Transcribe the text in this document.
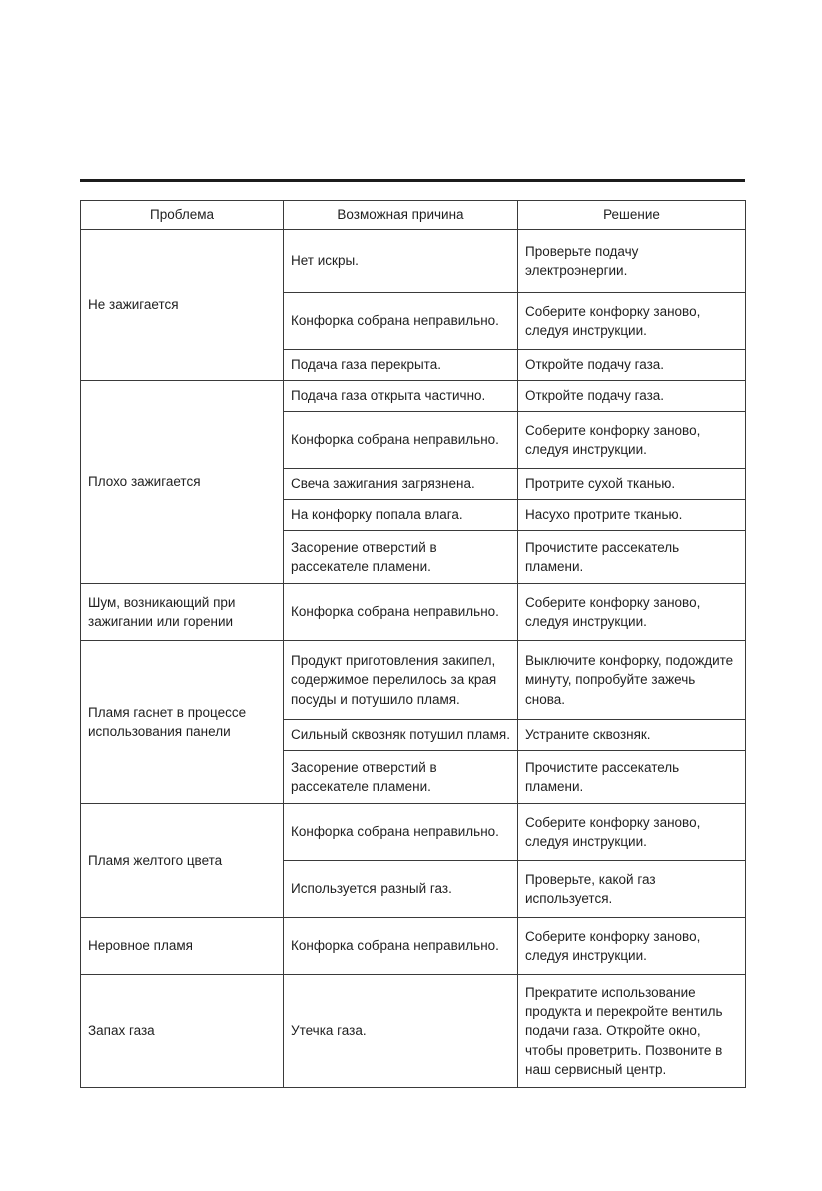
Проблема	Возможная причина	Решение
Не зажигается	Нет искры.	Проверьте подачу электроэнергии.
	Конфорка собрана неправильно.	Соберите конфорку заново, следуя инструкции.
	Подача газа перекрыта.	Откройте подачу газа.
Плохо зажигается	Подача газа открыта частично.	Откройте подачу газа.
	Конфорка собрана неправильно.	Соберите конфорку заново, следуя инструкции.
	Свеча зажигания загрязнена.	Протрите сухой тканью.
	На конфорку попала влага.	Насухо протрите тканью.
	Засорение отверстий в рассекателе пламени.	Прочистите рассекатель пламени.
Шум, возникающий при зажигании или горении	Конфорка собрана неправильно.	Соберите конфорку заново, следуя инструкции.
Пламя гаснет в процессе использования панели	Продукт приготовления закипел, содержимое перелилось за края посуды и потушило пламя.	Выключите конфорку, подождите минуту, попробуйте зажечь снова.
	Сильный сквозняк потушил пламя.	Устраните сквозняк.
	Засорение отверстий в рассекателе пламени.	Прочистите рассекатель пламени.
Пламя желтого цвета	Конфорка собрана неправильно.	Соберите конфорку заново, следуя инструкции.
	Используется разный газ.	Проверьте, какой газ используется.
Неровное пламя	Конфорка собрана неправильно.	Соберите конфорку заново, следуя инструкции.
Запах газа	Утечка газа.	Прекратите использование продукта и перекройте вентиль подачи газа. Откройте окно, чтобы проветрить. Позвоните в наш сервисный центр.
